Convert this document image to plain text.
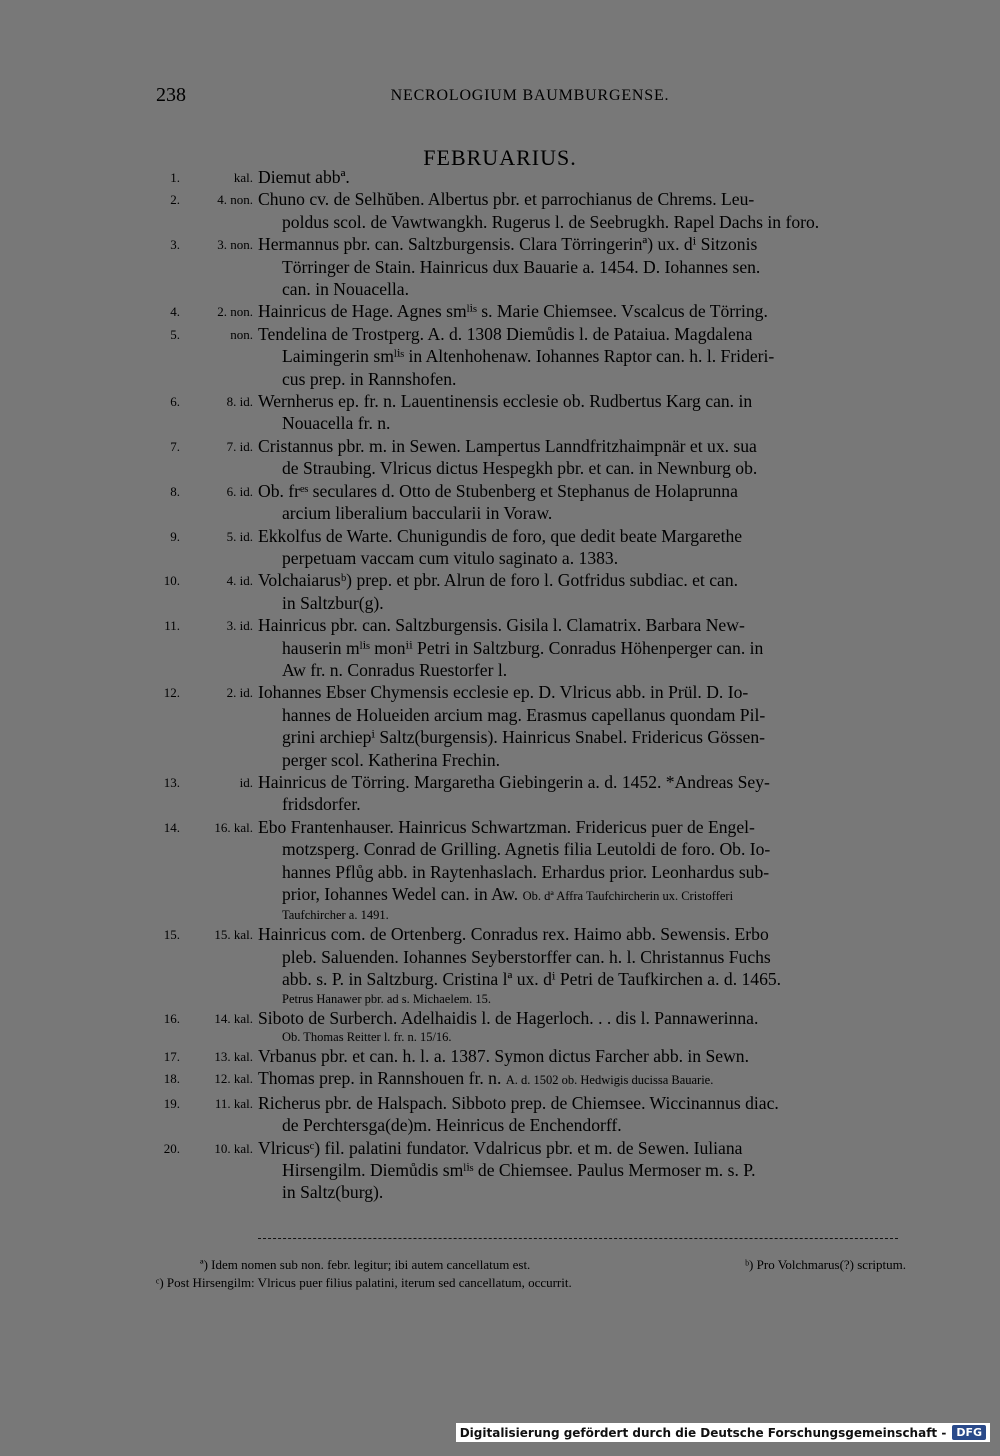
238	NECROLOGIUM BAUMBURGENSE.
FEBRUARIUS.
1.	kal. Diemut abbª.
2.	4. non. Chuno cv. de Selhŭben. Albertus pbr. et parrochianus de Chrems. Leu-
poldus scol. de Vawtwangkh. Rugerus l. de Seebrugkh. Rapel Dachs in foro.
3.	3. non. Hermannus pbr. can. Saltzburgensis. Clara Törringerinª) ux. dⁱ Sitzonis
Törringer de Stain. Hainricus dux Bauarie a. 1454. D. Iohannes sen.
can. in Nouacella.
4.	2. non. Hainricus de Hage. Agnes smˡⁱˢ s. Marie Chiemsee. Vscalcus de Törring.
5.	non. Tendelina de Trostperg. A. d. 1308 Diemůdis l. de Pataiua. Magdalena
Laimingerin smˡⁱˢ in Altenhohenaw. Iohannes Raptor can. h. l. Frideri-
cus prep. in Rannshofen.
6.	8. id. Wernherus ep. fr. n. Lauentinensis ecclesie ob. Rudbertus Karg can. in
Nouacella fr. n.
7.	7. id. Cristannus pbr. m. in Sewen. Lampertus Lanndfritzhaimpnär et ux. sua
de Straubing. Vlricus dictus Hespegkh pbr. et can. in Newnburg ob.
8.	6. id. Ob. frᵉˢ seculares d. Otto de Stubenberg et Stephanus de Holaprunna
arcium liberalium baccularii in Voraw.
9.	5. id. Ekkolfus de Warte. Chunigundis de foro, que dedit beate Margarethe
perpetuam vaccam cum vitulo saginato a. 1383.
10.	4. id. Volchaiarusᵇ) prep. et pbr. Alrun de foro l. Gotfridus subdiac. et can.
in Saltzbur(g).
11.	3. id. Hainricus pbr. can. Saltzburgensis. Gisila l. Clamatrix. Barbara New-
hauserin mˡⁱˢ monⁱⁱ Petri in Saltzburg. Conradus Höhenperger can. in
Aw fr. n. Conradus Ruestorfer l.
12.	2. id. Iohannes Ebser Chymensis ecclesie ep. D. Vlricus abb. in Prül. D. Io-
hannes de Holueiden arcium mag. Erasmus capellanus quondam Pil-
grini archiepⁱ Saltz(burgensis). Hainricus Snabel. Fridericus Gössen-
perger scol. Katherina Frechin.
13.	id. Hainricus de Törring. Margaretha Giebingerin a. d. 1452. *Andreas Sey-
fridsdorfer.
14.	16. kal. Ebo Frantenhauser. Hainricus Schwartzman. Fridericus puer de Engel-
motzsperg. Conrad de Grilling. Agnetis filia Leutoldi de foro. Ob. Io-
hannes Pflůg abb. in Raytenhaslach. Erhardus prior. Leonhardus sub-
prior, Iohannes Wedel can. in Aw. Ob. dª Affra Taufchircherin ux. Cristofferi
Taufchircher a. 1491.
15.	15. kal. Hainricus com. de Ortenberg. Conradus rex. Haimo abb. Sewensis. Erbo
pleb. Saluenden. Iohannes Seyberstorffer can. h. l. Christannus Fuchs
abb. s. P. in Saltzburg. Cristina lª ux. dⁱ Petri de Taufkirchen a. d. 1465.
Petrus Hanawer pbr. ad s. Michaelem. 15.
16.	14. kal. Siboto de Surberch. Adelhaidis l. de Hagerloch. . . dis l. Pannawerinna.
Ob. Thomas Reitter l. fr. n. 15/16.
17.	13. kal. Vrbanus pbr. et can. h. l. a. 1387. Symon dictus Farcher abb. in Sewn.
18.	12. kal. Thomas prep. in Rannshouen fr. n. A. d. 1502 ob. Hedwigis ducissa Bauarie.
19.	11. kal. Richerus pbr. de Halspach. Sibboto prep. de Chiemsee. Wiccinannus diac.
de Perchtersga(de)m. Heinricus de Enchendorff.
20.	10. kal. Vlricusᶜ) fil. palatini fundator. Vdalricus pbr. et m. de Sewen. Iuliana
Hirsengilm. Diemůdis smˡⁱˢ de Chiemsee. Paulus Mermoser m. s. P.
in Saltz(burg).
ª) Idem nomen sub non. febr. legitur; ibi autem cancellatum est.	ᵇ) Pro Volchmarus(?) scriptum.
ᶜ) Post Hirsengilm: Vlricus puer filius palatini, iterum sed cancellatum, occurrit.
Digitalisierung gefördert durch die Deutsche Forschungsgemeinschaft - DFG
